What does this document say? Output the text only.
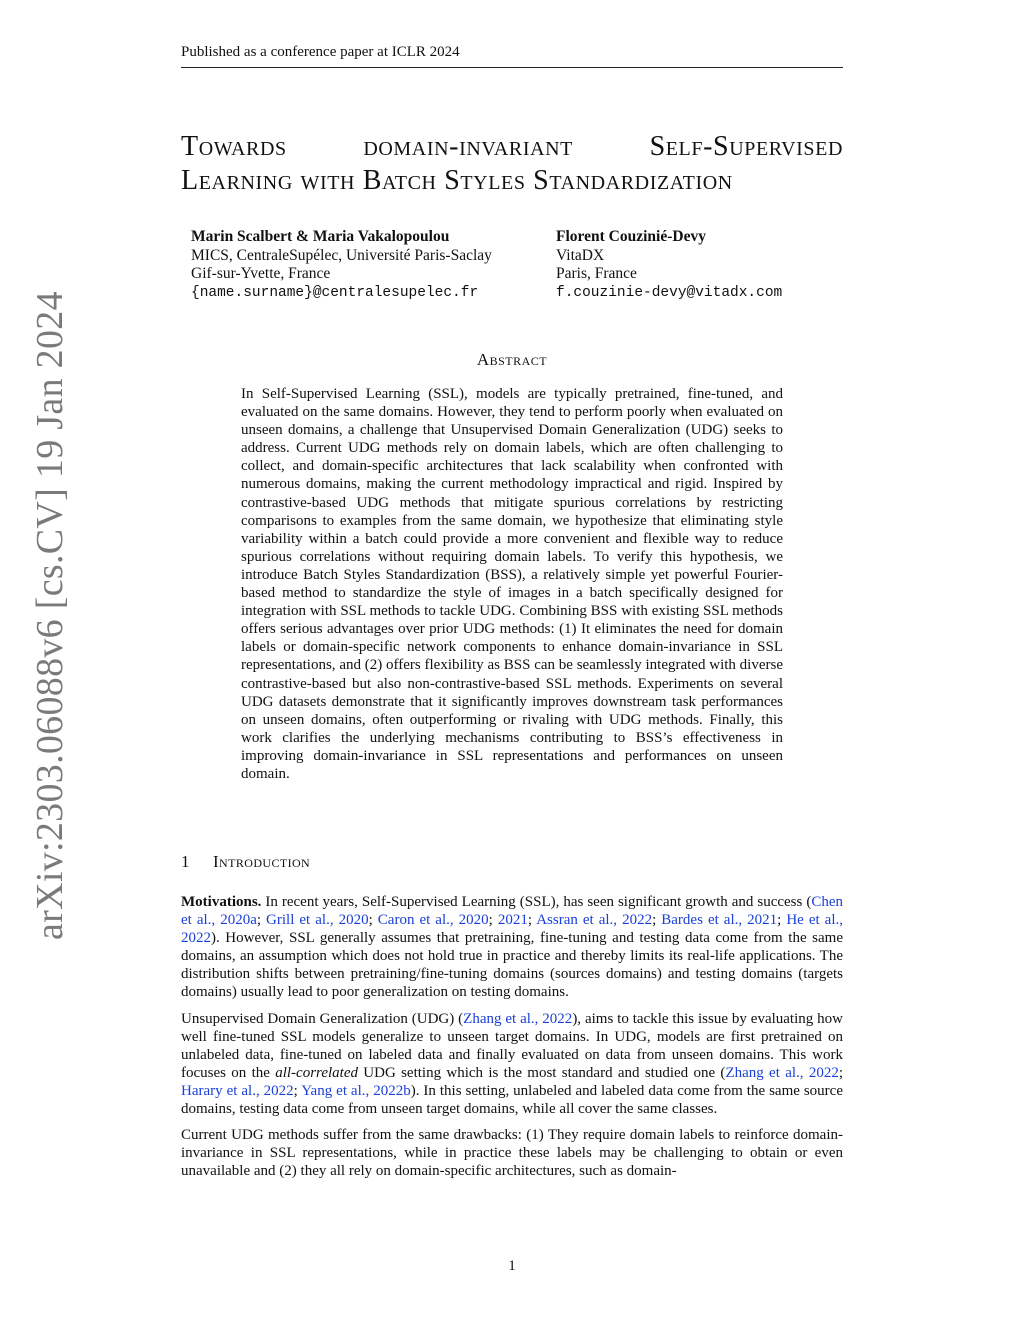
Published as a conference paper at ICLR 2024
arXiv:2303.06088v6 [cs.CV] 19 Jan 2024
Towards domain-invariant Self-Supervised
Learning with Batch Styles Standardization
Marin Scalbert & Maria Vakalopoulou
MICS, CentraleSupélec, Université Paris-Saclay
Gif-sur-Yvette, France
{name.surname}@centralesupelec.fr
Florent Couzinié-Devy
VitaDX
Paris, France
f.couzinie-devy@vitadx.com
Abstract
In Self-Supervised Learning (SSL), models are typically pretrained, fine-tuned, and evaluated on the same domains. However, they tend to perform poorly when evaluated on unseen domains, a challenge that Unsupervised Domain Generalization (UDG) seeks to address. Current UDG methods rely on domain labels, which are often challenging to collect, and domain-specific architectures that lack scalability when confronted with numerous domains, making the current methodology impractical and rigid. Inspired by contrastive-based UDG methods that mitigate spurious correlations by restricting comparisons to examples from the same domain, we hypothesize that eliminating style variability within a batch could provide a more convenient and flexible way to reduce spurious correlations without requiring domain labels. To verify this hypothesis, we introduce Batch Styles Standardization (BSS), a relatively simple yet powerful Fourier-based method to standardize the style of images in a batch specifically designed for integration with SSL methods to tackle UDG. Combining BSS with existing SSL methods offers serious advantages over prior UDG methods: (1) It eliminates the need for domain labels or domain-specific network components to enhance domain-invariance in SSL representations, and (2) offers flexibility as BSS can be seamlessly integrated with diverse contrastive-based but also non-contrastive-based SSL methods. Experiments on several UDG datasets demonstrate that it significantly improves downstream task performances on unseen domains, often outperforming or rivaling with UDG methods. Finally, this work clarifies the underlying mechanisms contributing to BSS’s effectiveness in improving domain-invariance in SSL representations and performances on unseen domain.
1 Introduction

Motivations. In recent years, Self-Supervised Learning (SSL), has seen significant growth and success (Chen et al., 2020a; Grill et al., 2020; Caron et al., 2020; 2021; Assran et al., 2022; Bardes et al., 2021; He et al., 2022). However, SSL generally assumes that pretraining, fine-tuning and testing data come from the same domains, an assumption which does not hold true in practice and thereby limits its real-life applications. The distribution shifts between pretraining/fine-tuning domains (sources domains) and testing domains (targets domains) usually lead to poor generalization on testing domains.

Unsupervised Domain Generalization (UDG) (Zhang et al., 2022), aims to tackle this issue by evaluating how well fine-tuned SSL models generalize to unseen target domains. In UDG, models are first pretrained on unlabeled data, fine-tuned on labeled data and finally evaluated on data from unseen domains. This work focuses on the all-correlated UDG setting which is the most standard and studied one (Zhang et al., 2022; Harary et al., 2022; Yang et al., 2022b). In this setting, unlabeled and labeled data come from the same source domains, testing data come from unseen target domains, while all cover the same classes.

Current UDG methods suffer from the same drawbacks: (1) They require domain labels to reinforce domain-invariance in SSL representations, while in practice these labels may be challenging to obtain or even unavailable and (2) they all rely on domain-specific architectures, such as domain-

1
